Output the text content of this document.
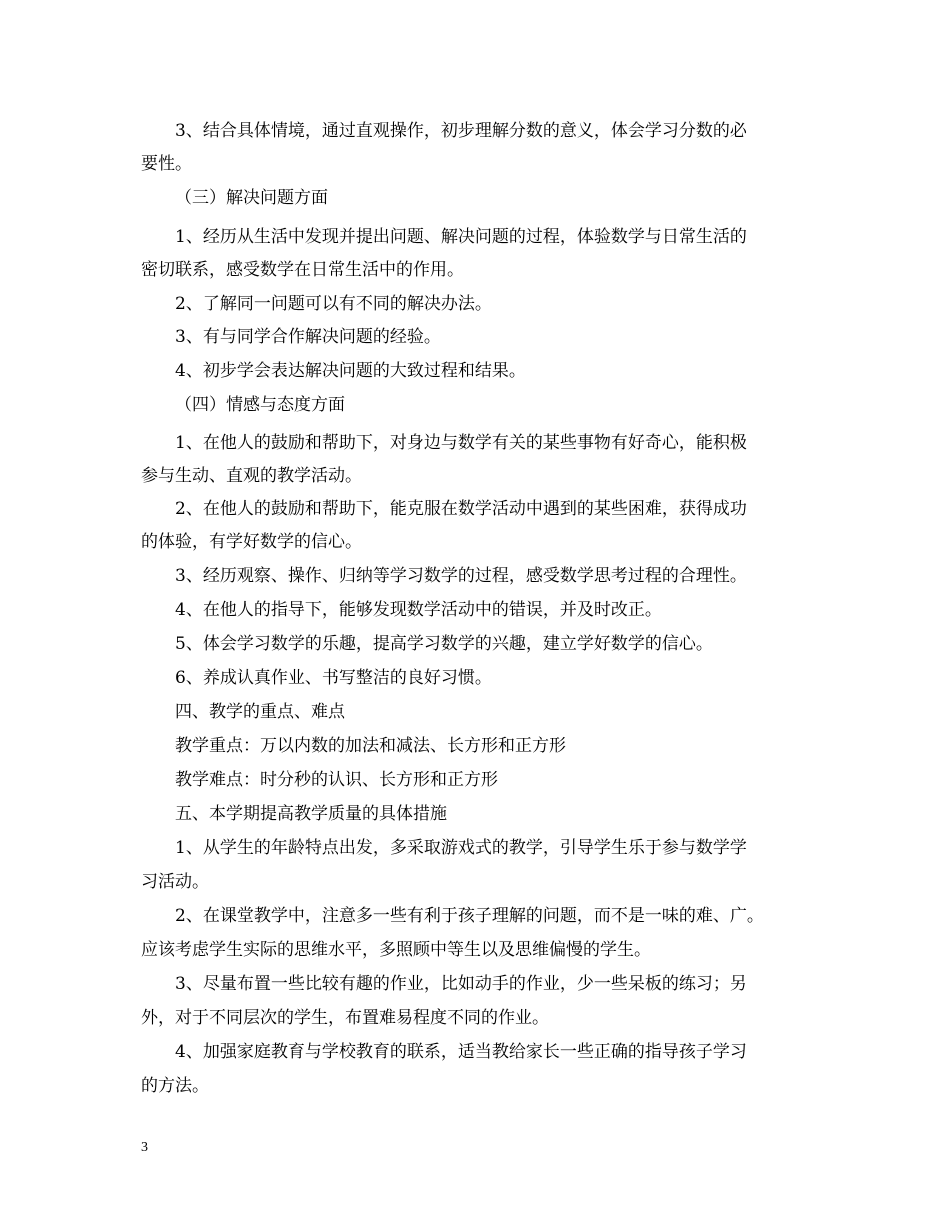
3、结合具体情境，通过直观操作，初步理解分数的意义，体会学习分数的必
要性。
（三）解决问题方面
1、经历从生活中发现并提出问题、解决问题的过程，体验数学与日常生活的
密切联系，感受数学在日常生活中的作用。
2、了解同一问题可以有不同的解决办法。
3、有与同学合作解决问题的经验。
4、初步学会表达解决问题的大致过程和结果。
（四）情感与态度方面
1、在他人的鼓励和帮助下，对身边与数学有关的某些事物有好奇心，能积极
参与生动、直观的教学活动。
2、在他人的鼓励和帮助下，能克服在数学活动中遇到的某些困难，获得成功
的体验，有学好数学的信心。
3、经历观察、操作、归纳等学习数学的过程，感受数学思考过程的合理性。
4、在他人的指导下，能够发现数学活动中的错误，并及时改正。
5、体会学习数学的乐趣，提高学习数学的兴趣，建立学好数学的信心。
6、养成认真作业、书写整洁的良好习惯。
四、教学的重点、难点
教学重点：万以内数的加法和减法、长方形和正方形
教学难点：时分秒的认识、长方形和正方形
五、本学期提高教学质量的具体措施
1、从学生的年龄特点出发，多采取游戏式的教学，引导学生乐于参与数学学
习活动。
2、在课堂教学中，注意多一些有利于孩子理解的问题，而不是一味的难、广。
应该考虑学生实际的思维水平，多照顾中等生以及思维偏慢的学生。
3、尽量布置一些比较有趣的作业，比如动手的作业，少一些呆板的练习；另
外，对于不同层次的学生，布置难易程度不同的作业。
4、加强家庭教育与学校教育的联系，适当教给家长一些正确的指导孩子学习
的方法。
3
